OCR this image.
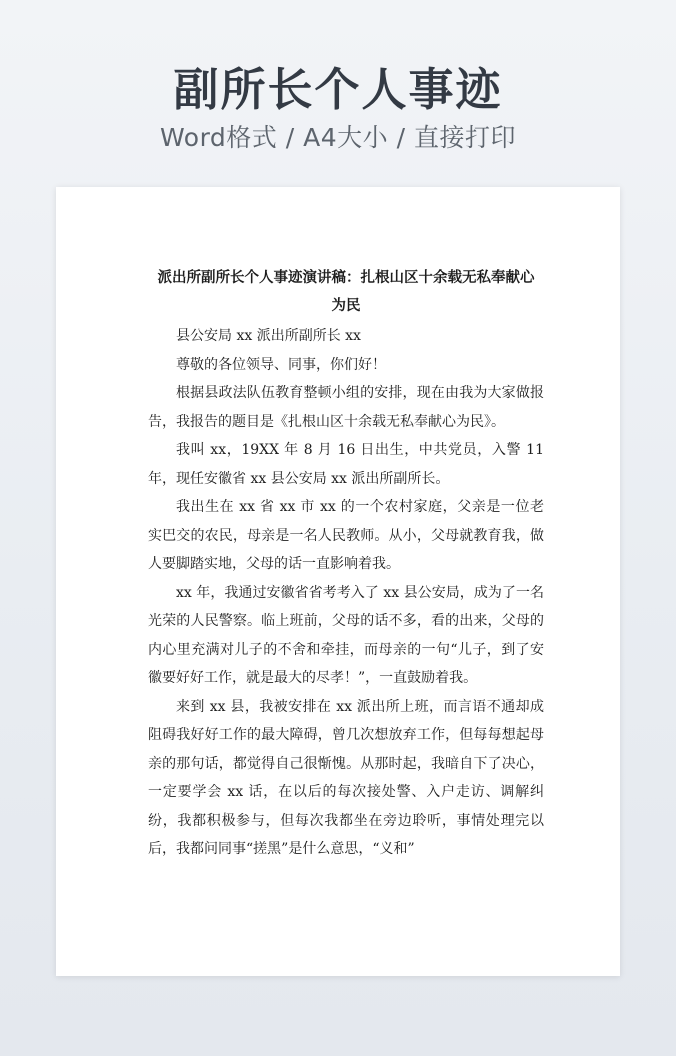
副所长个人事迹
Word格式 / A4大小 / 直接打印
派出所副所长个人事迹演讲稿：扎根山区十余载无私奉献心
为民

县公安局 xx 派出所副所长 xx

尊敬的各位领导、同事，你们好！

根据县政法队伍教育整顿小组的安排，现在由我为大家做报告，我报告的题目是《扎根山区十余载无私奉献心为民》。

我叫 xx，19XX 年 8 月 16 日出生，中共党员，入警 11 年，现任安徽省 xx 县公安局 xx 派出所副所长。

我出生在 xx 省 xx 市 xx 的一个农村家庭，父亲是一位老实巴交的农民，母亲是一名人民教师。从小，父母就教育我，做人要脚踏实地，父母的话一直影响着我。

xx 年，我通过安徽省省考考入了 xx 县公安局，成为了一名光荣的人民警察。临上班前，父母的话不多，看的出来，父母的内心里充满对儿子的不舍和牵挂，而母亲的一句“儿子，到了安徽要好好工作，就是最大的尽孝！”，一直鼓励着我。

来到 xx 县，我被安排在 xx 派出所上班，而言语不通却成阻碍我好好工作的最大障碍，曾几次想放弃工作，但每每想起母亲的那句话，都觉得自己很惭愧。从那时起，我暗自下了决心，一定要学会 xx 话，在以后的每次接处警、入户走访、调解纠纷，我都积极参与，但每次我都坐在旁边聆听，事情处理完以后，我都问同事“搓黑”是什么意思，“义和”
